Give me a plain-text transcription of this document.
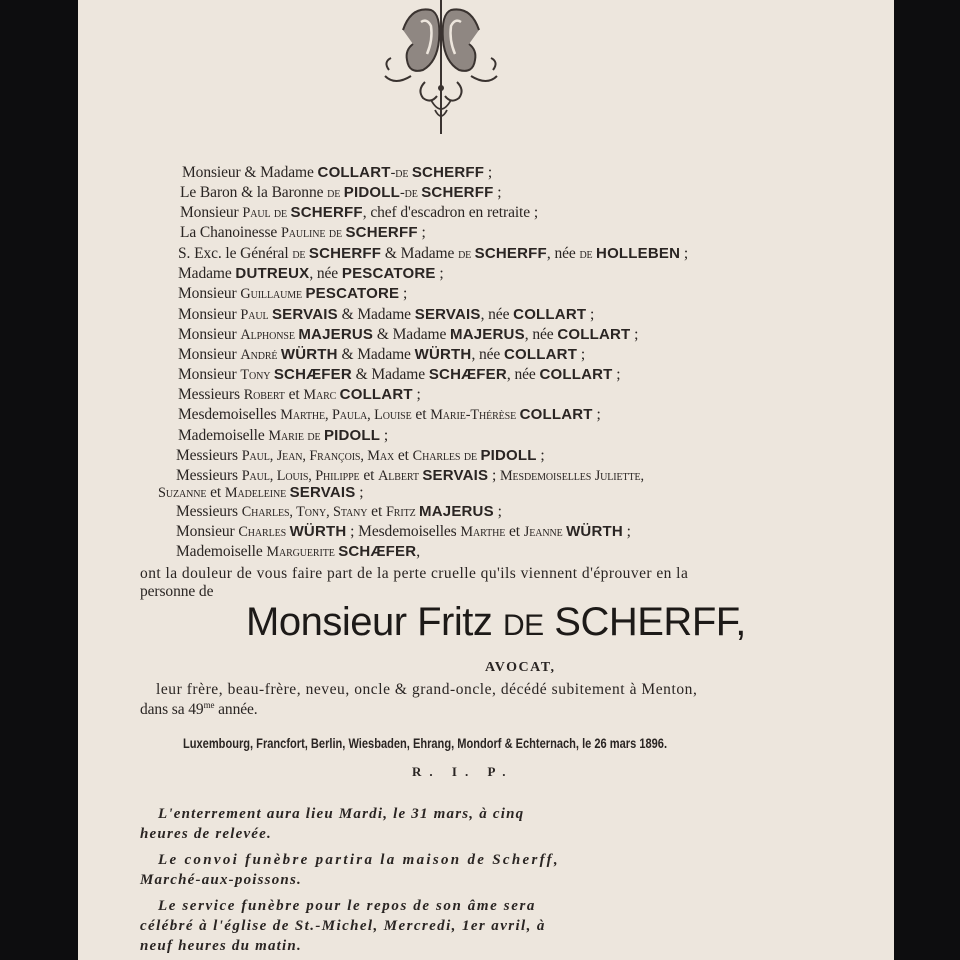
Monsieur & Madame COLLART-de SCHERFF ;
Le Baron & la Baronne de PIDOLL-de SCHERFF ;
Monsieur Paul de SCHERFF, chef d'escadron en retraite ;
La Chanoinesse Pauline de SCHERFF ;
S. Exc. le Général de SCHERFF & Madame de SCHERFF, née de HOLLEBEN ;
Madame DUTREUX, née PESCATORE ;
Monsieur Guillaume PESCATORE ;
Monsieur Paul SERVAIS & Madame SERVAIS, née COLLART ;
Monsieur Alphonse MAJERUS & Madame MAJERUS, née COLLART ;
Monsieur André WÜRTH & Madame WÜRTH, née COLLART ;
Monsieur Tony SCHÆFER & Madame SCHÆFER, née COLLART ;
Messieurs Robert et Marc COLLART ;
Mesdemoiselles Marthe, Paula, Louise et Marie-Thérèse COLLART ;
Mademoiselle Marie de PIDOLL ;
Messieurs Paul, Jean, François, Max et Charles de PIDOLL ;
Messieurs Paul, Louis, Philippe et Albert SERVAIS ; Mesdemoiselles Juliette,
Suzanne et Madeleine SERVAIS ;
Messieurs Charles, Tony, Stany et Fritz MAJERUS ;
Monsieur Charles WÜRTH ; Mesdemoiselles Marthe et Jeanne WÜRTH ;
Mademoiselle Marguerite SCHÆFER,
ont la douleur de vous faire part de la perte cruelle qu'ils viennent d'éprouver en la
personne de
Monsieur Fritz DE SCHERFF,
AVOCAT,
leur frère, beau-frère, neveu, oncle & grand-oncle, décédé subitement à Menton,
dans sa $49^{me}$ année.
Luxembourg, Francfort, Berlin, Wiesbaden, Ehrang, Mondorf & Echternach, le 26 mars 1896.
R. I. P.
L'enterrement aura lieu Mardi, le 31 mars, à cinq
heures de relevée.
Le convoi funèbre partira la maison de Scherff,
Marché-aux-poissons.
Le service funèbre pour le repos de son âme sera
célébré à l'église de St.-Michel, Mercredi, 1er avril, à
neuf heures du matin.
